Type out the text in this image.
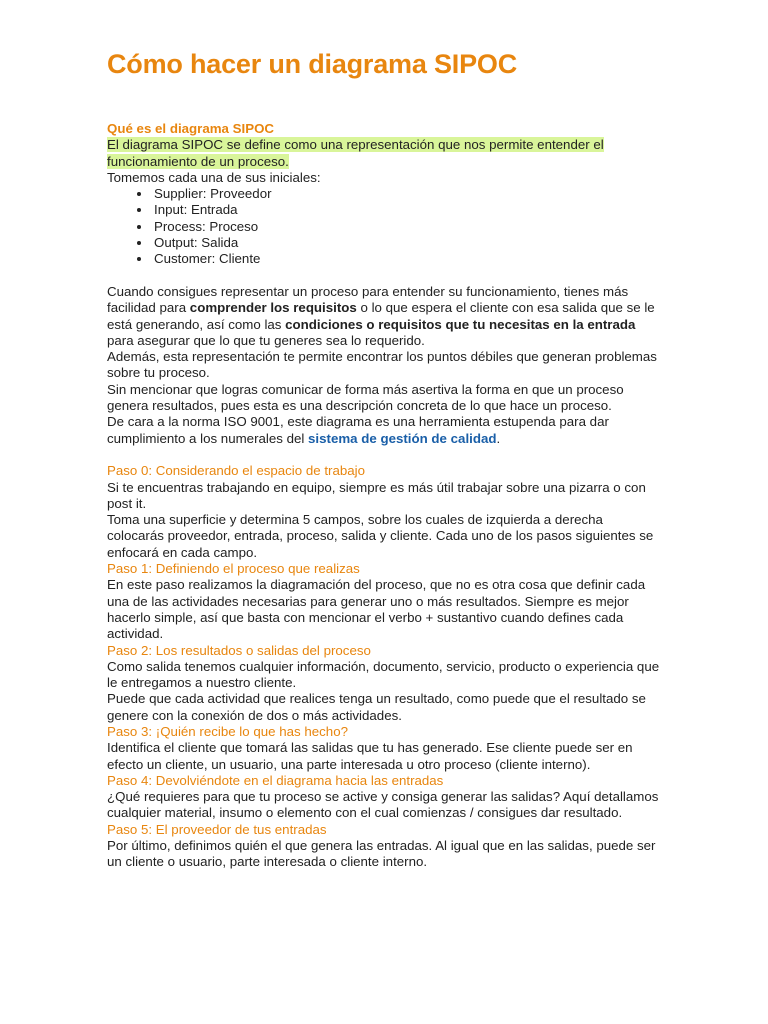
Cómo hacer un diagrama SIPOC
Qué es el diagrama SIPOC
El diagrama SIPOC se define como una representación que nos permite entender el funcionamiento de un proceso.
Tomemos cada una de sus iniciales:
• Supplier: Proveedor
• Input: Entrada
• Process: Proceso
• Output: Salida
• Customer: Cliente

Cuando consigues representar un proceso para entender su funcionamiento, tienes más facilidad para comprender los requisitos o lo que espera el cliente con esa salida que se le está generando, así como las condiciones o requisitos que tu necesitas en la entrada para asegurar que lo que tu generes sea lo requerido.

Además, esta representación te permite encontrar los puntos débiles que generan problemas sobre tu proceso.

Sin mencionar que logras comunicar de forma más asertiva la forma en que un proceso genera resultados, pues esta es una descripción concreta de lo que hace un proceso.

De cara a la norma ISO 9001, este diagrama es una herramienta estupenda para dar cumplimiento a los numerales del sistema de gestión de calidad.

Paso 0: Considerando el espacio de trabajo

Si te encuentras trabajando en equipo, siempre es más útil trabajar sobre una pizarra o con post it.

Toma una superficie y determina 5 campos, sobre los cuales de izquierda a derecha colocarás proveedor, entrada, proceso, salida y cliente. Cada uno de los pasos siguientes se enfocará en cada campo.

Paso 1: Definiendo el proceso que realizas

En este paso realizamos la diagramación del proceso, que no es otra cosa que definir cada una de las actividades necesarias para generar uno o más resultados. Siempre es mejor hacerlo simple, así que basta con mencionar el verbo + sustantivo cuando defines cada actividad.

Paso 2: Los resultados o salidas del proceso

Como salida tenemos cualquier información, documento, servicio, producto o experiencia que le entregamos a nuestro cliente.

Puede que cada actividad que realices tenga un resultado, como puede que el resultado se genere con la conexión de dos o más actividades.

Paso 3: ¡Quién recibe lo que has hecho?

Identifica el cliente que tomará las salidas que tu has generado. Ese cliente puede ser en efecto un cliente, un usuario, una parte interesada u otro proceso (cliente interno).

Paso 4: Devolviéndote en el diagrama hacia las entradas

¿Qué requieres para que tu proceso se active y consiga generar las salidas? Aquí detallamos cualquier material, insumo o elemento con el cual comienzas / consigues dar resultado.

Paso 5: El proveedor de tus entradas

Por último, definimos quién el que genera las entradas. Al igual que en las salidas, puede ser un cliente o usuario, parte interesada o cliente interno.
